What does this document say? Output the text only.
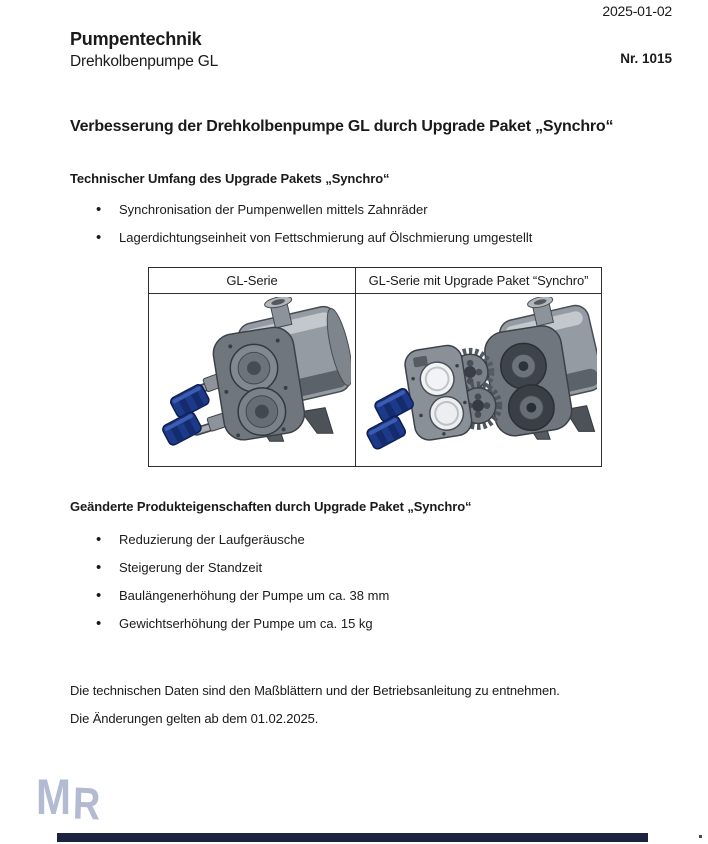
2025-01-02
Pumpentechnik
Drehkolbenpumpe GL	Nr. 1015
Verbesserung der Drehkolbenpumpe GL durch Upgrade Paket „Synchro“
Technischer Umfang des Upgrade Pakets „Synchro“
• Synchronisation der Pumpenwellen mittels Zahnräder
• Lagerdichtungseinheit von Fettschmierung auf Ölschmierung umgestellt
GL-Serie	GL-Serie mit Upgrade Paket “Synchro”

Geänderte Produkteigenschaften durch Upgrade Paket „Synchro“
• Reduzierung der Laufgeräusche
• Steigerung der Standzeit
• Baulängenerhöhung der Pumpe um ca. 38 mm
• Gewichtserhöhung der Pumpe um ca. 15 kg
Die technischen Daten sind den Maßblättern und der Betriebsanleitung zu entnehmen.
Die Änderungen gelten ab dem 01.02.2025.
MR
